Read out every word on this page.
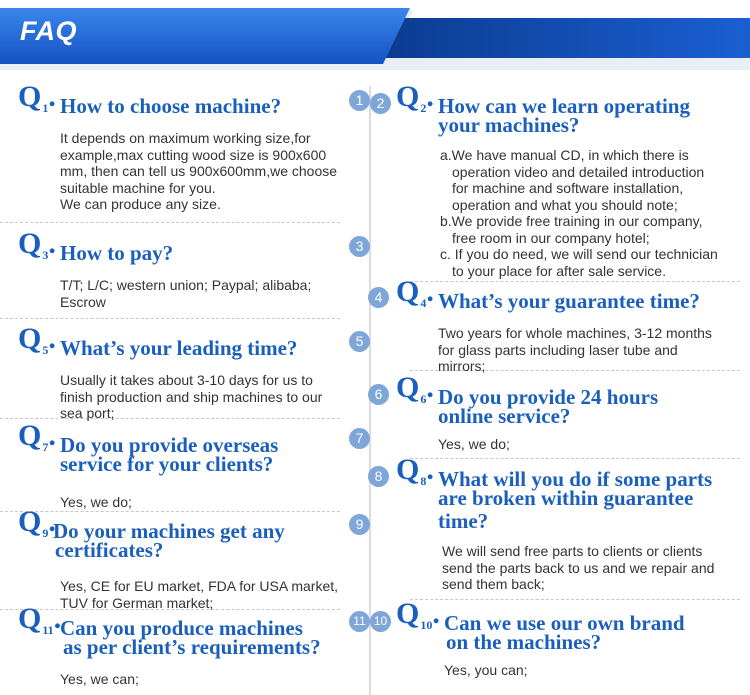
FAQ
1 2
3
4
5
6
7
8
9
11 10
$Q_1$. How to choose machine?
It depends on maximum working size,for
example,max cutting wood size is 900x600
mm, then can tell us 900x600mm,we choose
suitable machine for you.
We can produce any size.
$Q_2$. How can we learn operating
your machines?
a.We have manual CD, in which there is
operation video and detailed introduction
for machine and software installation,
operation and what you should note;
b.We provide free training in our company,
free room in our company hotel;
c. If you do need, we will send our technician
to your place for after sale service.
$Q_3$. How to pay?
T/T; L/C; western union; Paypal; alibaba;
Escrow	$Q_4$. What’s your guarantee time?
Two years for whole machines, 3-12 months
for glass parts including laser tube and
mirrors;
$Q_5$. What’s your leading time?
Usually it takes about 3-10 days for us to
finish production and ship machines to our
sea port;
$Q_6$. Do you provide 24 hours
online service?
Yes, we do;
$Q_7$. Do you provide overseas
service for your clients?
Yes, we do;
$Q_8$. What will you do if some parts
are broken within guarantee
time?
We will send free parts to clients or clients
send the parts back to us and we repair and
send them back;
$Q_9$.
Do your machines get any
certificates?
Yes, CE for EU market, FDA for USA market,
TUV for German market;	$Q_{10}$. Can we use our own brand
on the machines?
Yes, you can;
$Q_{11}$.
Can you produce machines
as per client’s requirements?
Yes, we can;
